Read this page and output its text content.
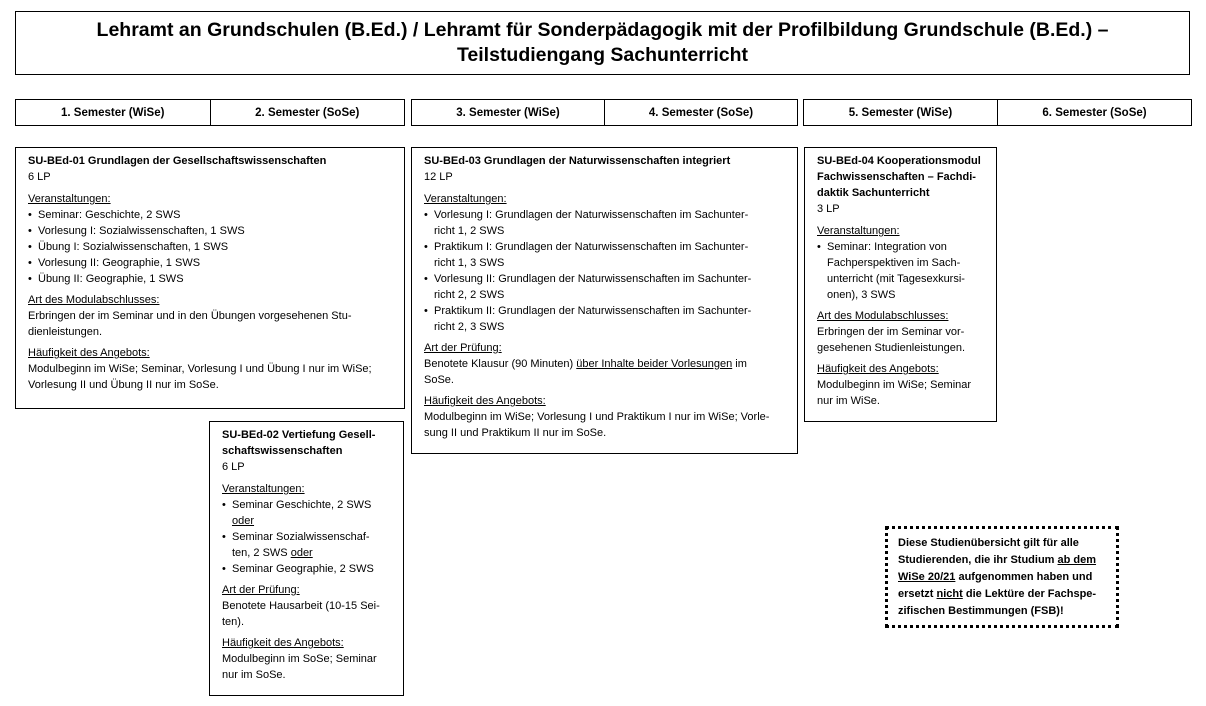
Lehramt an Grundschulen (B.Ed.) / Lehramt für Sonderpädagogik mit der Profilbildung Grundschule (B.Ed.) –
Teilstudiengang Sachunterricht
1. Semester (WiSe)	2. Semester (SoSe)	3. Semester (WiSe)	4. Semester (SoSe)	5. Semester (WiSe)	6. Semester (SoSe)
SU-BEd-01 Grundlagen der Gesellschaftswissenschaften
6 LP
Veranstaltungen:
• Seminar: Geschichte, 2 SWS
• Vorlesung I: Sozialwissenschaften, 1 SWS
• Übung I: Sozialwissenschaften, 1 SWS
• Vorlesung II: Geographie, 1 SWS
• Übung II: Geographie, 1 SWS
Art des Modulabschlusses:

Erbringen der im Seminar und in den Übungen vorgesehenen Stu-

dienleistungen.

Häufigkeit des Angebots:

Modulbeginn im WiSe; Seminar, Vorlesung I und Übung I nur im WiSe;

Vorlesung II und Übung II nur im SoSe.

SU-BEd-02 Vertiefung Gesell-
schaftswissenschaften
6 LP
Veranstaltungen:
• Seminar Geschichte, 2 SWS
oder
• Seminar Sozialwissenschaf-
ten, 2 SWS oder
• Seminar Geographie, 2 SWS
Art der Prüfung:

Benotete Hausarbeit (10-15 Sei-

ten).

Häufigkeit des Angebots:

Modulbeginn im SoSe; Seminar

nur im SoSe.

SU-BEd-03 Grundlagen der Naturwissenschaften integriert
12 LP
Veranstaltungen:
• Vorlesung I: Grundlagen der Naturwissenschaften im Sachunter-
richt 1, 2 SWS
• Praktikum I: Grundlagen der Naturwissenschaften im Sachunter-
richt 1, 3 SWS
• Vorlesung II: Grundlagen der Naturwissenschaften im Sachunter-
richt 2, 2 SWS
• Praktikum II: Grundlagen der Naturwissenschaften im Sachunter-
richt 2, 3 SWS
Art der Prüfung:

Benotete Klausur (90 Minuten) über Inhalte beider Vorlesungen im

SoSe.

Häufigkeit des Angebots:

Modulbeginn im WiSe; Vorlesung I und Praktikum I nur im WiSe; Vorle-

sung II und Praktikum II nur im SoSe.

SU-BEd-04 Kooperationsmodul
Fachwissenschaften – Fachdi-
daktik Sachunterricht
3 LP
Veranstaltungen:
• Seminar: Integration von
Fachperspektiven im Sach-
unterricht (mit Tagesexkursi-
onen), 3 SWS
Art des Modulabschlusses:

Erbringen der im Seminar vor-

gesehenen Studienleistungen.

Häufigkeit des Angebots:

Modulbeginn im WiSe; Seminar

nur im WiSe.

Diese Studienübersicht gilt für alle
Studierenden, die ihr Studium ab dem
WiSe 20/21 aufgenommen haben und
ersetzt nicht die Lektüre der Fachspe-
zifischen Bestimmungen (FSB)!
